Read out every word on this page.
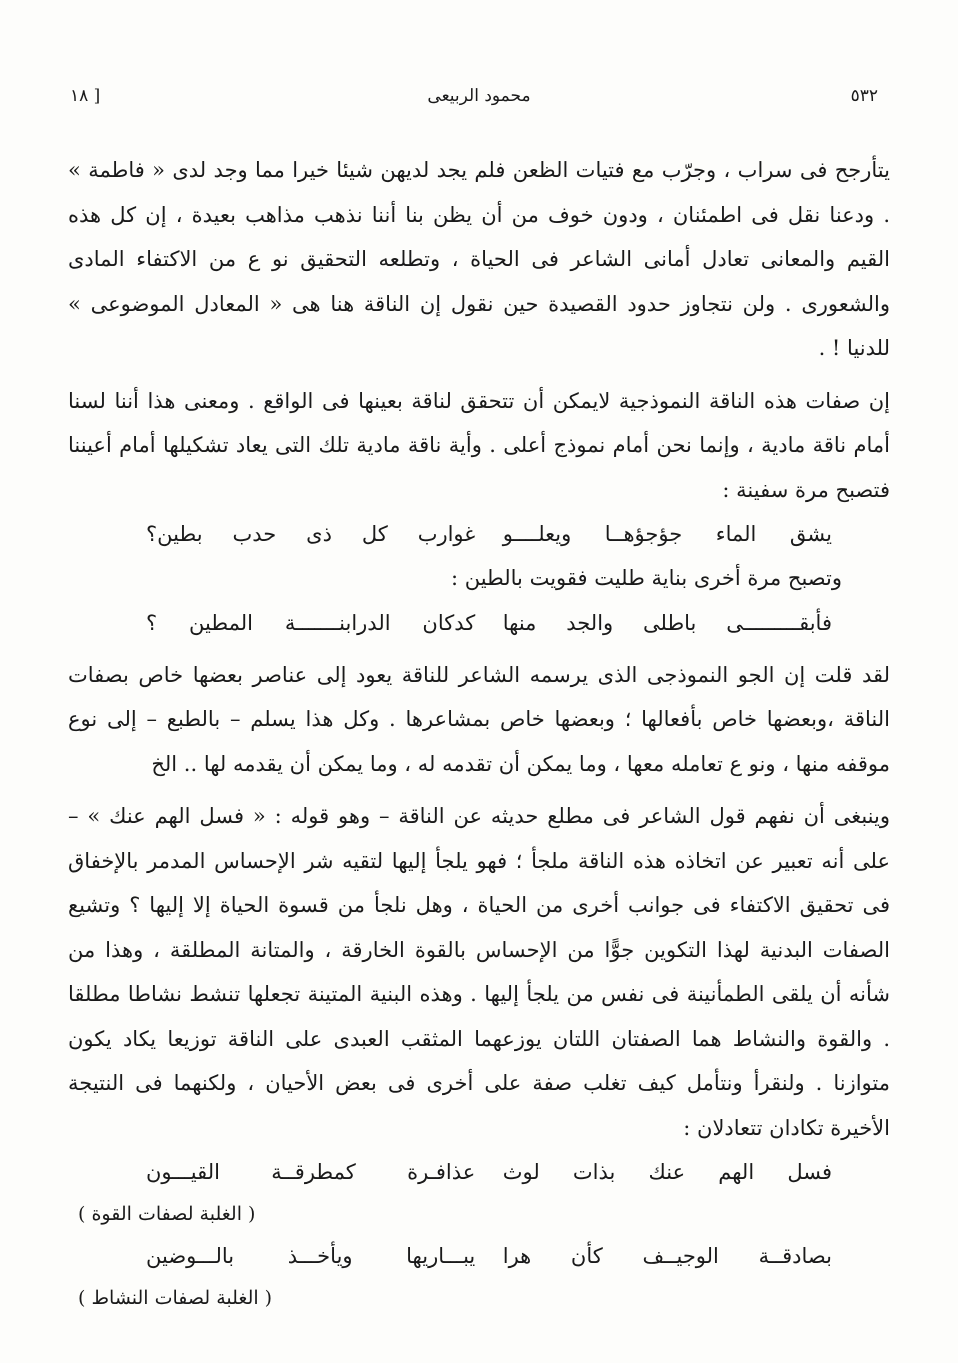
٥٣٢
محمود الربيعى
[ ١٨

يتأرجح فى سراب ، وجرّب مع فتيات الظعن فلم يجد لديهن شيئا خيرا مما وجد لدى « فاطمة » . ودعنا نقل فى اطمئنان ، ودون خوف من أن يظن بنا أننا نذهب مذاهب بعيدة ، إن كل هذه القيم والمعانى تعادل أمانى الشاعر فى الحياة ، وتطلعه التحقيق نو ع من الاكتفاء المادى والشعورى . ولن نتجاوز حدود القصيدة حين نقول إن الناقة هنا هى « المعادل الموضوعى » للدنيا ! .

إن صفات هذه الناقة النموذجية لايمكن أن تتحقق لناقة بعينها فى الواقع . ومعنى هذا أننا لسنا أمام ناقة مادية ، وإنما نحن أمام نموذج أعلى . وأية ناقة مادية تلك التى يعاد تشكيلها أمام أعيننا فتصبح مرة سفينة :

يشق الماء جؤجؤهــا ويعلــــو
غوارب كل ذى حدب بطين؟

وتصبح مرة أخرى بناية طليت فقويت بالطين :

فأبقـــــــــى باطلى والجد منها
كدكان الدرابنـــــــة المطين ؟

لقد قلت إن الجو النموذجى الذى يرسمه الشاعر للناقة يعود إلى عناصر بعضها خاص بصفات الناقة ،وبعضها خاص بأفعالها ؛ وبعضها خاص بمشاعرها . وكل هذا يسلم – بالطبع – إلى نوع موقفه منها ، ونو ع تعامله معها ، وما يمكن أن تقدمه له ، وما يمكن أن يقدمه لها .. الخ

وينبغى أن نفهم قول الشاعر فى مطلع حديثه عن الناقة – وهو قوله : « فسل الهم عنك » – على أنه تعبير عن اتخاذه هذه الناقة ملجأ ؛ فهو يلجأ إليها لتقيه شر الإحساس المدمر بالإخفاق فى تحقيق الاكتفاء فى جوانب أخرى من الحياة ، وهل نلجأ من قسوة الحياة إلا إليها ؟ وتشيع الصفات البدنية لهذا التكوين جوًّا من الإحساس بالقوة الخارقة ، والمتانة المطلقة ، وهذا من شأنه أن يلقى الطمأنينة فى نفس من يلجأ إليها . وهذه البنية المتينة تجعلها تنشط نشاطا مطلقا . والقوة والنشاط هما الصفتان اللتان يوزعهما المثقب العبدى على الناقة توزيعا يكاد يكون متوازنا . ولنقرأ ونتأمل كيف تغلب صفة على أخرى فى بعض الأحيان ، ولكنهما فى النتيجة الأخيرة تكادان تتعادلان :

فسل الهم عنك بذات لوث
عذافـرة كمطرقــة القيـــون
( الغلبة لصفات القوة )
بصادقــة الوجيــف كأن هرا
يبـــاريها ويأخـــذ بالـــوضين
( الغلبة لصفات النشاط )
